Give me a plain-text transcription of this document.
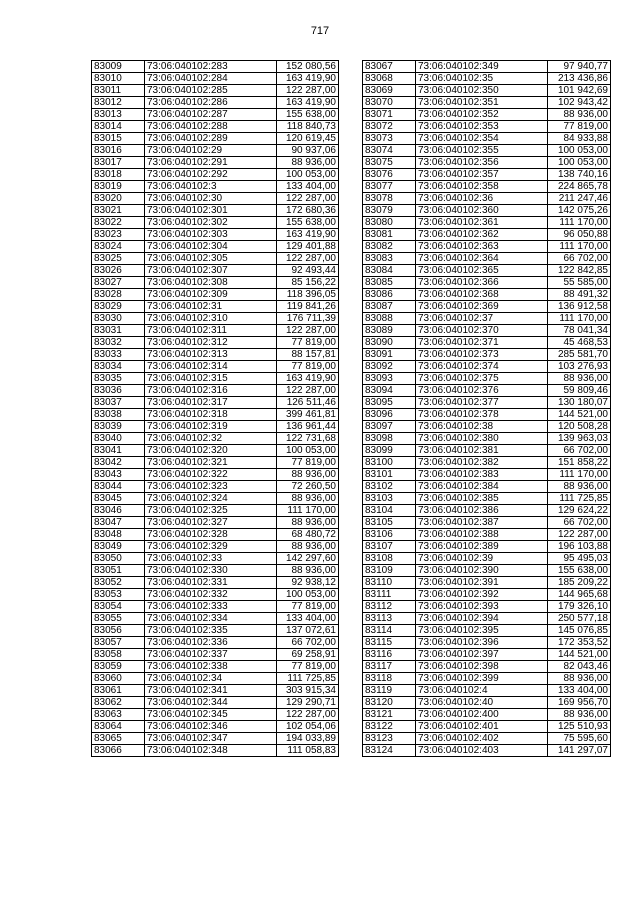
717
83009	73:06:040102:283	152 080,56
83010	73:06:040102:284	163 419,90
83011	73:06:040102:285	122 287,00
83012	73:06:040102:286	163 419,90
83013	73:06:040102:287	155 638,00
83014	73:06:040102:288	118 840,73
83015	73:06:040102:289	120 619,45
83016	73:06:040102:29	90 937,06
83017	73:06:040102:291	88 936,00
83018	73:06:040102:292	100 053,00
83019	73:06:040102:3	133 404,00
83020	73:06:040102:30	122 287,00
83021	73:06:040102:301	172 680,36
83022	73:06:040102:302	155 638,00
83023	73:06:040102:303	163 419,90
83024	73:06:040102:304	129 401,88
83025	73:06:040102:305	122 287,00
83026	73:06:040102:307	92 493,44
83027	73:06:040102:308	85 156,22
83028	73:06:040102:309	118 396,05
83029	73:06:040102:31	119 841,26
83030	73:06:040102:310	176 711,39
83031	73:06:040102:311	122 287,00
83032	73:06:040102:312	77 819,00
83033	73:06:040102:313	88 157,81
83034	73:06:040102:314	77 819,00
83035	73:06:040102:315	163 419,90
83036	73:06:040102:316	122 287,00
83037	73:06:040102:317	126 511,46
83038	73:06:040102:318	399 461,81
83039	73:06:040102:319	136 961,44
83040	73:06:040102:32	122 731,68
83041	73:06:040102:320	100 053,00
83042	73:06:040102:321	77 819,00
83043	73:06:040102:322	88 936,00
83044	73:06:040102:323	72 260,50
83045	73:06:040102:324	88 936,00
83046	73:06:040102:325	111 170,00
83047	73:06:040102:327	88 936,00
83048	73:06:040102:328	68 480,72
83049	73:06:040102:329	88 936,00
83050	73:06:040102:33	142 297,60
83051	73:06:040102:330	88 936,00
83052	73:06:040102:331	92 938,12
83053	73:06:040102:332	100 053,00
83054	73:06:040102:333	77 819,00
83055	73:06:040102:334	133 404,00
83056	73:06:040102:335	137 072,61
83057	73:06:040102:336	66 702,00
83058	73:06:040102:337	69 258,91
83059	73:06:040102:338	77 819,00
83060	73:06:040102:34	111 725,85
83061	73:06:040102:341	303 915,34
83062	73:06:040102:344	129 290,71
83063	73:06:040102:345	122 287,00
83064	73:06:040102:346	102 054,06
83065	73:06:040102:347	194 033,89
83066	73:06:040102:348	111 058,83
83067	73:06:040102:349	97 940,77
83068	73:06:040102:35	213 436,86
83069	73:06:040102:350	101 942,69
83070	73:06:040102:351	102 943,42
83071	73:06:040102:352	88 936,00
83072	73:06:040102:353	77 819,00
83073	73:06:040102:354	84 933,88
83074	73:06:040102:355	100 053,00
83075	73:06:040102:356	100 053,00
83076	73:06:040102:357	138 740,16
83077	73:06:040102:358	224 865,78
83078	73:06:040102:36	211 247,46
83079	73:06:040102:360	142 075,26
83080	73:06:040102:361	111 170,00
83081	73:06:040102:362	96 050,88
83082	73:06:040102:363	111 170,00
83083	73:06:040102:364	66 702,00
83084	73:06:040102:365	122 842,85
83085	73:06:040102:366	55 585,00
83086	73:06:040102:368	88 491,32
83087	73:06:040102:369	136 912,58
83088	73:06:040102:37	111 170,00
83089	73:06:040102:370	78 041,34
83090	73:06:040102:371	45 468,53
83091	73:06:040102:373	285 581,70
83092	73:06:040102:374	103 276,93
83093	73:06:040102:375	88 936,00
83094	73:06:040102:376	59 809,46
83095	73:06:040102:377	130 180,07
83096	73:06:040102:378	144 521,00
83097	73:06:040102:38	120 508,28
83098	73:06:040102:380	139 963,03
83099	73:06:040102:381	66 702,00
83100	73:06:040102:382	151 858,22
83101	73:06:040102:383	111 170,00
83102	73:06:040102:384	88 936,00
83103	73:06:040102:385	111 725,85
83104	73:06:040102:386	129 624,22
83105	73:06:040102:387	66 702,00
83106	73:06:040102:388	122 287,00
83107	73:06:040102:389	196 103,88
83108	73:06:040102:39	95 495,03
83109	73:06:040102:390	155 638,00
83110	73:06:040102:391	185 209,22
83111	73:06:040102:392	144 965,68
83112	73:06:040102:393	179 326,10
83113	73:06:040102:394	250 577,18
83114	73:06:040102:395	145 076,85
83115	73:06:040102:396	172 353,52
83116	73:06:040102:397	144 521,00
83117	73:06:040102:398	82 043,46
83118	73:06:040102:399	88 936,00
83119	73:06:040102:4	133 404,00
83120	73:06:040102:40	169 956,70
83121	73:06:040102:400	88 936,00
83122	73:06:040102:401	125 510,93
83123	73:06:040102:402	75 595,60
83124	73:06:040102:403	141 297,07
